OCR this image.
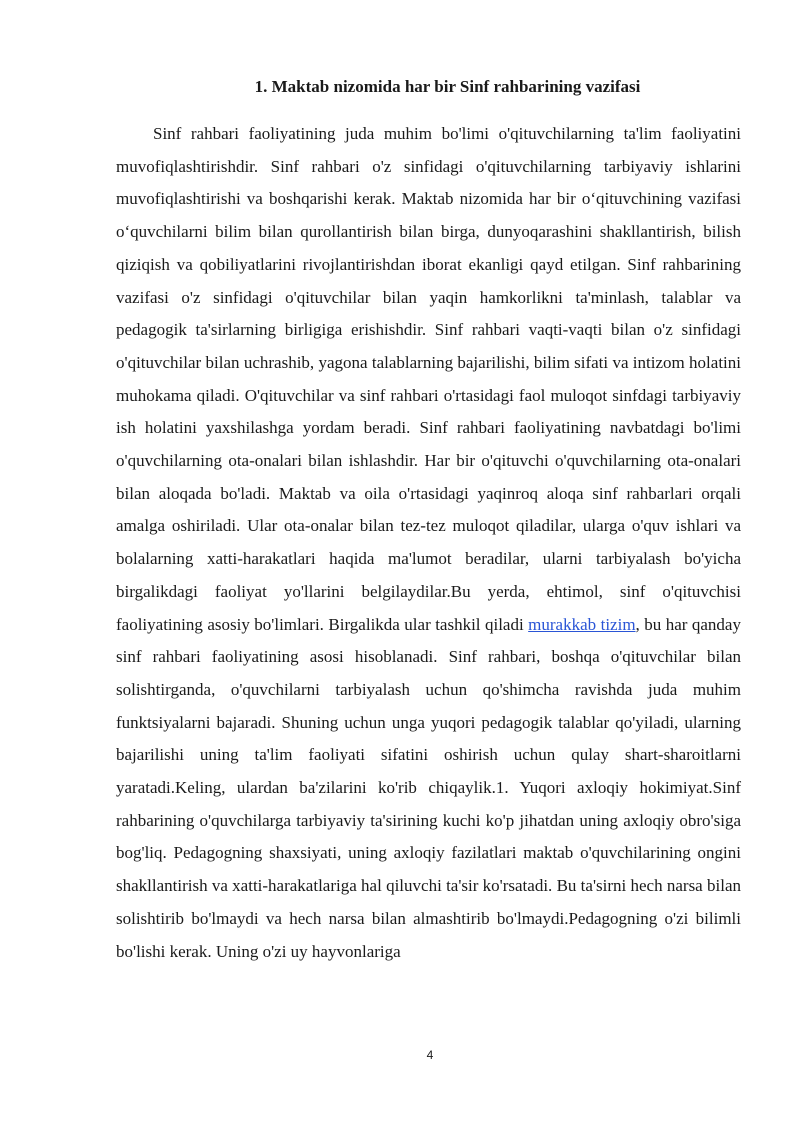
1. Maktab nizomida har bir Sinf rahbarining vazifasi

Sinf rahbari faoliyatining juda muhim bo'limi o'qituvchilarning ta'lim faoliyatini muvofiqlashtirishdir. Sinf rahbari o'z sinfidagi o'qituvchilarning tarbiyaviy ishlarini muvofiqlashtirishi va boshqarishi kerak. Maktab nizomida har bir o‘qituvchining vazifasi o‘quvchilarni bilim bilan qurollantirish bilan birga, dunyoqarashini shakllantirish, bilish qiziqish va qobiliyatlarini rivojlantirishdan iborat ekanligi qayd etilgan. Sinf rahbarining vazifasi o'z sinfidagi o'qituvchilar bilan yaqin hamkorlikni ta'minlash, talablar va pedagogik ta'sirlarning birligiga erishishdir. Sinf rahbari vaqti-vaqti bilan o'z sinfidagi o'qituvchilar bilan uchrashib, yagona talablarning bajarilishi, bilim sifati va intizom holatini muhokama qiladi. O'qituvchilar va sinf rahbari o'rtasidagi faol muloqot sinfdagi tarbiyaviy ish holatini yaxshilashga yordam beradi. Sinf rahbari faoliyatining navbatdagi bo'limi o'quvchilarning ota-onalari bilan ishlashdir. Har bir o'qituvchi o'quvchilarning ota-onalari bilan aloqada bo'ladi. Maktab va oila o'rtasidagi yaqinroq aloqa sinf rahbarlari orqali amalga oshiriladi. Ular ota-onalar bilan tez-tez muloqot qiladilar, ularga o'quv ishlari va bolalarning xatti-harakatlari haqida ma'lumot beradilar, ularni tarbiyalash bo'yicha birgalikdagi faoliyat yo'llarini belgilaydilar.Bu yerda, ehtimol, sinf o'qituvchisi faoliyatining asosiy bo'limlari. Birgalikda ular tashkil qiladi murakkab tizim, bu har qanday sinf rahbari faoliyatining asosi hisoblanadi. Sinf rahbari, boshqa o'qituvchilar bilan solishtirganda, o'quvchilarni tarbiyalash uchun qo'shimcha ravishda juda muhim funktsiyalarni bajaradi. Shuning uchun unga yuqori pedagogik talablar qo'yiladi, ularning bajarilishi uning ta'lim faoliyati sifatini oshirish uchun qulay shart-sharoitlarni yaratadi.Keling, ulardan ba'zilarini ko'rib chiqaylik.1. Yuqori axloqiy hokimiyat.Sinf rahbarining o'quvchilarga tarbiyaviy ta'sirining kuchi ko'p jihatdan uning axloqiy obro'siga bog'liq. Pedagogning shaxsiyati, uning axloqiy fazilatlari maktab o'quvchilarining ongini shakllantirish va xatti-harakatlariga hal qiluvchi ta'sir ko'rsatadi. Bu ta'sirni hech narsa bilan solishtirib bo'lmaydi va hech narsa bilan almashtirib bo'lmaydi.Pedagogning o'zi bilimli bo'lishi kerak. Uning o'zi uy hayvonlariga

4
